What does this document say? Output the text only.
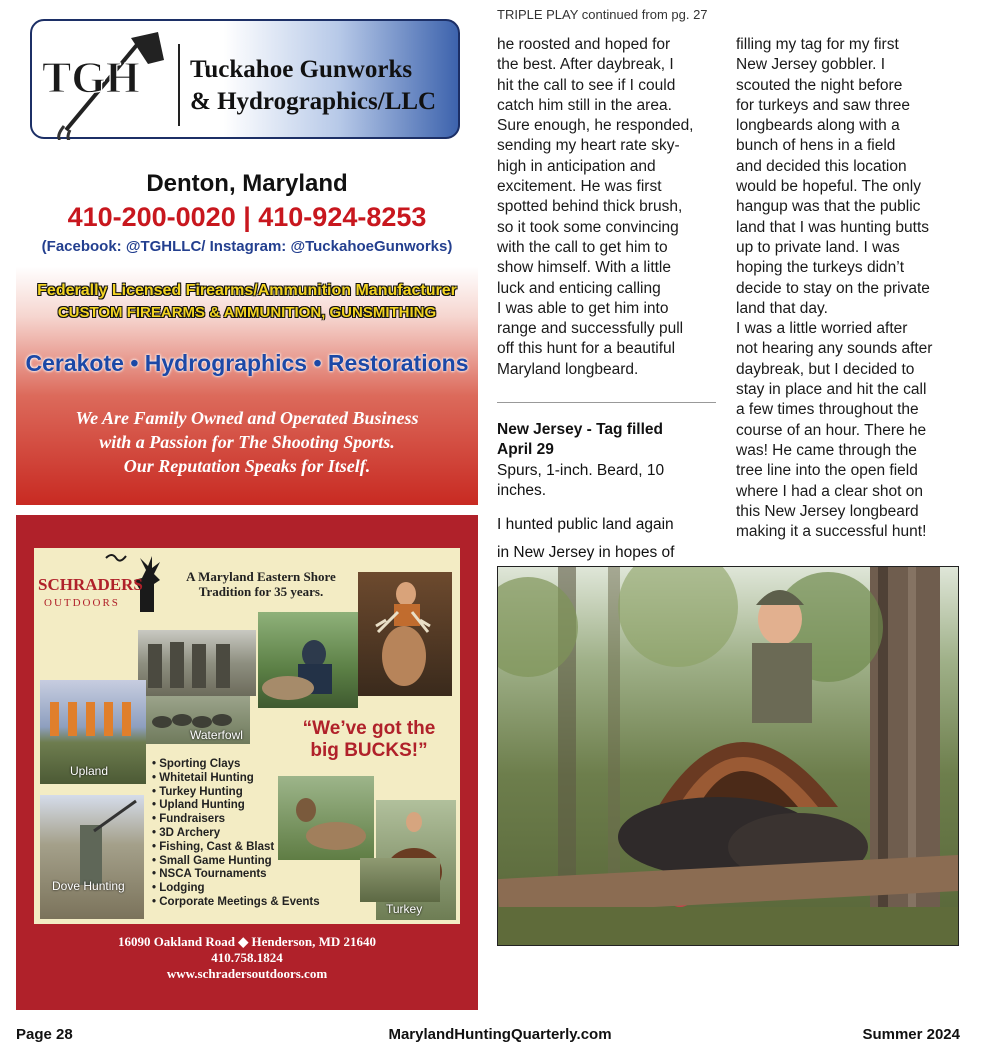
TGH Tuckahoe Gunworks
& Hydrographics/LLC
Denton, Maryland
410-200-0020 | 410-924-8253
(Facebook: @TGHLLC/ Instagram: @TuckahoeGunworks)
Federally Licensed Firearms/Ammunition Manufacturer
CUSTOM FIREARMS & AMMUNITION, GUNSMITHING
Cerakote • Hydrographics • Restorations
We Are Family Owned and Operated Business
with a Passion for The Shooting Sports.
Our Reputation Speaks for Itself.
SCHRADERS
OUTDOORS
A Maryland Eastern Shore
Tradition for 35 years.
Upland
Waterfowl
Dove Hunting
Turkey
“We’ve got the
big BUCKS!”
• Sporting Clays
• Whitetail Hunting
• Turkey Hunting
• Upland Hunting
• Fundraisers
• 3D Archery
• Fishing, Cast & Blast
• Small Game Hunting
• NSCA Tournaments
• Lodging
• Corporate Meetings & Events
16090 Oakland Road ◆ Henderson, MD 21640
410.758.1824
www.schradersoutdoors.com
TRIPLE PLAY continued from pg. 27
he roosted and hoped for
the best. After daybreak, I
hit the call to see if I could
catch him still in the area.
Sure enough, he responded,
sending my heart rate sky-
high in anticipation and
excitement. He was first
spotted behind thick brush,
so it took some convincing
with the call to get him to
show himself. With a little
luck and enticing calling
I was able to get him into
range and successfully pull
off this hunt for a beautiful
Maryland longbeard.
New Jersey - Tag filled
April 29
Spurs, 1-inch. Beard, 10
inches.
I hunted public land again
in New Jersey in hopes of
filling my tag for my first
New Jersey gobbler. I
scouted the night before
for turkeys and saw three
longbeards along with a
bunch of hens in a field
and decided this location
would be hopeful. The only
hangup was that the public
land that I was hunting butts
up to private land. I was
hoping the turkeys didn’t
decide to stay on the private
land that day.
I was a little worried after
not hearing any sounds after
daybreak, but I decided to
stay in place and hit the call
a few times throughout the
course of an hour. There he
was! He came through the
tree line into the open field
where I had a clear shot on
this New Jersey longbeard
making it a successful hunt!
Page 28	MarylandHuntingQuarterly.com	Summer 2024
